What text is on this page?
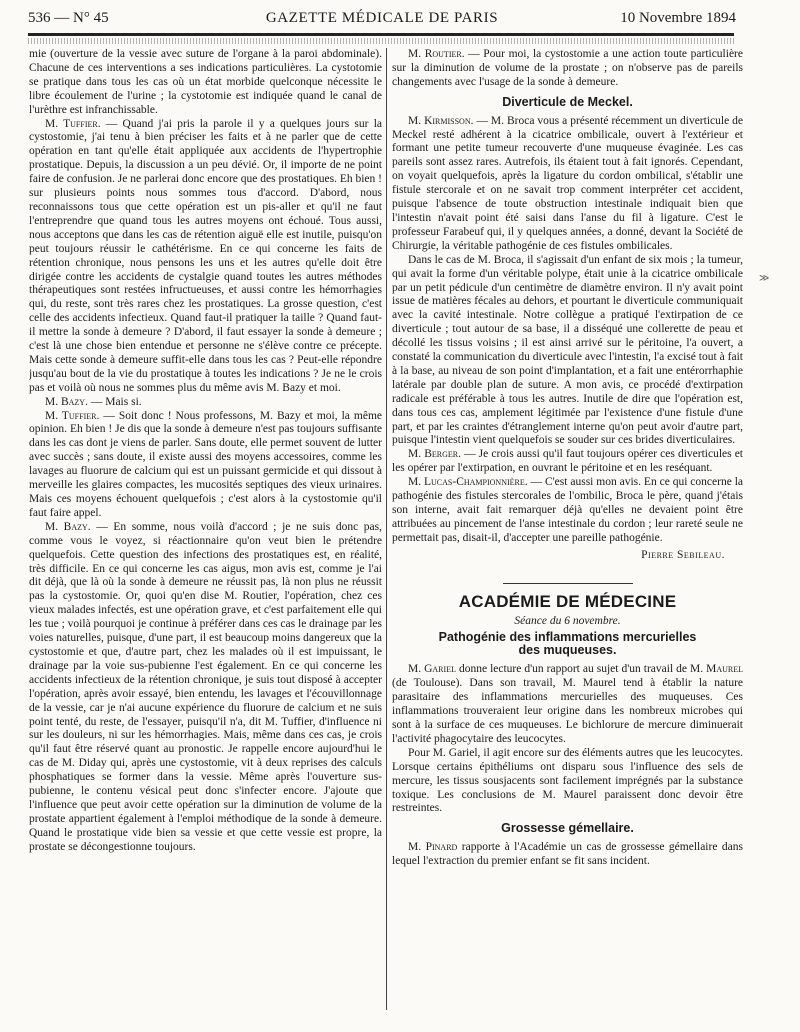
536 — N° 45	GAZETTE MÉDICALE DE PARIS	10 Novembre 1894

mie (ouverture de la vessie avec suture de l'organe à la paroi abdominale). Chacune de ces interventions a ses indications particulières. La cystotomie se pratique dans tous les cas où un état morbide quelconque nécessite le libre écoulement de l'urine ; la cystotomie est indiquée quand le canal de l'urèthre est infranchissable.

M. Tuffier. — Quand j'ai pris la parole il y a quelques jours sur la cystostomie, j'ai tenu à bien préciser les faits et à ne parler que de cette opération en tant qu'elle était appliquée aux accidents de l'hypertrophie prostatique. Depuis, la discussion a un peu dévié. Or, il importe de ne point faire de confusion. Je ne parlerai donc encore que des prostatiques. Eh bien ! sur plusieurs points nous sommes tous d'accord. D'abord, nous reconnaissons tous que cette opération est un pis-aller et qu'il ne faut l'entreprendre que quand tous les autres moyens ont échoué. Tous aussi, nous acceptons que dans les cas de rétention aiguë elle est inutile, puisqu'on peut toujours réussir le cathétérisme. En ce qui concerne les faits de rétention chronique, nous pensons les uns et les autres qu'elle doit être dirigée contre les accidents de cystalgie quand toutes les autres méthodes thérapeutiques sont restées infructueuses, et aussi contre les hémorrhagies qui, du reste, sont très rares chez les prostatiques. La grosse question, c'est celle des accidents infectieux. Quand faut-il pratiquer la taille ? Quand faut-il mettre la sonde à demeure ? D'abord, il faut essayer la sonde à demeure ; c'est là une chose bien entendue et personne ne s'élève contre ce précepte. Mais cette sonde à demeure suffit-elle dans tous les cas ? Peut-elle répondre jusqu'au bout de la vie du prostatique à toutes les indications ? Je ne le crois pas et voilà où nous ne sommes plus du même avis M. Bazy et moi.

M. Bazy. — Mais si.

M. Tuffier. — Soit donc ! Nous professons, M. Bazy et moi, la même opinion. Eh bien ! Je dis que la sonde à demeure n'est pas toujours suffisante dans les cas dont je viens de parler. Sans doute, elle permet souvent de lutter avec succès ; sans doute, il existe aussi des moyens accessoires, comme les lavages au fluorure de calcium qui est un puissant germicide et qui dissout à merveille les glaires compactes, les mucosités septiques des vieux urinaires. Mais ces moyens échouent quelquefois ; c'est alors à la cystostomie qu'il faut faire appel.

M. Bazy. — En somme, nous voilà d'accord ; je ne suis donc pas, comme vous le voyez, si réactionnaire qu'on veut bien le prétendre quelquefois. Cette question des infections des prostatiques est, en réalité, très difficile. En ce qui concerne les cas aigus, mon avis est, comme je l'ai dit déjà, que là où la sonde à demeure ne réussit pas, là non plus ne réussit pas la cystostomie. Or, quoi qu'en dise M. Routier, l'opération, chez ces vieux malades infectés, est une opération grave, et c'est parfaitement elle qui les tue ; voilà pourquoi je continue à préférer dans ces cas le drainage par les voies naturelles, puisque, d'une part, il est beaucoup moins dangereux que la cystostomie et que, d'autre part, chez les malades où il est impuissant, le drainage par la voie sus-pubienne l'est également. En ce qui concerne les accidents infectieux de la rétention chronique, je suis tout disposé à accepter l'opération, après avoir essayé, bien entendu, les lavages et l'écouvillonnage de la vessie, car je n'ai aucune expérience du fluorure de calcium et ne suis point tenté, du reste, de l'essayer, puisqu'il n'a, dit M. Tuffier, d'influence ni sur les douleurs, ni sur les hémorrhagies. Mais, même dans ces cas, je crois qu'il faut être réservé quant au pronostic. Je rappelle encore aujourd'hui le cas de M. Diday qui, après une cystostomie, vit à deux reprises des calculs phosphatiques se former dans la vessie. Même après l'ouverture sus-pubienne, le contenu vésical peut donc s'infecter encore. J'ajoute que l'influence que peut avoir cette opération sur la diminution de volume de la prostate appartient également à l'emploi méthodique de la sonde à demeure. Quand le prostatique vide bien sa vessie et que cette vessie est propre, la prostate se décongestionne toujours.

M. Routier. — Pour moi, la cystostomie a une action toute particulière sur la diminution de volume de la prostate ; on n'observe pas de pareils changements avec l'usage de la sonde à demeure.

Diverticule de Meckel.

M. Kirmisson. — M. Broca vous a présenté récemment un diverticule de Meckel resté adhérent à la cicatrice ombilicale, ouvert à l'extérieur et formant une petite tumeur recouverte d'une muqueuse évaginée. Les cas pareils sont assez rares. Autrefois, ils étaient tout à fait ignorés. Cependant, on voyait quelquefois, après la ligature du cordon ombilical, s'établir une fistule stercorale et on ne savait trop comment interpréter cet accident, puisque l'absence de toute obstruction intestinale indiquait bien que l'intestin n'avait point été saisi dans l'anse du fil à ligature. C'est le professeur Farabeuf qui, il y quelques années, a donné, devant la Société de Chirurgie, la véritable pathogénie de ces fistules ombilicales.

Dans le cas de M. Broca, il s'agissait d'un enfant de six mois ; la tumeur, qui avait la forme d'un véritable polype, était unie à la cicatrice ombilicale par un petit pédicule d'un centimètre de diamètre environ. Il n'y avait point issue de matières fécales au dehors, et pourtant le diverticule communiquait avec la cavité intestinale. Notre collègue a pratiqué l'extirpation de ce diverticule ; tout autour de sa base, il a disséqué une collerette de peau et décollé les tissus voisins ; il est ainsi arrivé sur le péritoine, l'a ouvert, a constaté la communication du diverticule avec l'intestin, l'a excisé tout à fait à la base, au niveau de son point d'implantation, et a fait une entérorrhaphie latérale par double plan de suture. A mon avis, ce procédé d'extirpation radicale est préférable à tous les autres. Inutile de dire que l'opération est, dans tous ces cas, amplement légitimée par l'existence d'une fistule d'une part, et par les craintes d'étranglement interne qu'on peut avoir d'autre part, puisque l'intestin vient quelquefois se souder sur ces brides diverticulaires.

M. Berger. — Je crois aussi qu'il faut toujours opérer ces diverticules et les opérer par l'extirpation, en ouvrant le péritoine et en les reséquant.

M. Lucas-Championnière. — C'est aussi mon avis. En ce qui concerne la pathogénie des fistules stercorales de l'ombilic, Broca le père, quand j'étais son interne, avait fait remarquer déjà qu'elles ne devaient point être attribuées au pincement de l'anse intestinale du cordon ; leur rareté seule ne permettait pas, disait-il, d'accepter une pareille pathogénie.

Pierre Sebileau.
ACADÉMIE DE MÉDECINE
Séance du 6 novembre.
Pathogénie des inflammations mercurielles
des muqueuses.

M. Gariel donne lecture d'un rapport au sujet d'un travail de M. Maurel (de Toulouse). Dans son travail, M. Maurel tend à établir la nature parasitaire des inflammations mercurielles des muqueuses. Ces inflammations trouveraient leur origine dans les nombreux microbes qui sont à la surface de ces muqueuses. Le bichlorure de mercure diminuerait l'activité phagocytaire des leucocytes.

Pour M. Gariel, il agit encore sur des éléments autres que les leucocytes. Lorsque certains épithéliums ont disparu sous l'influence des sels de mercure, les tissus sousjacents sont facilement imprégnés par la substance toxique. Les conclusions de M. Maurel paraissent donc devoir être restreintes.

Grossesse gémellaire.

M. Pinard rapporte à l'Académie un cas de grossesse gémellaire dans lequel l'extraction du premier enfant se fit sans incident.

≫
